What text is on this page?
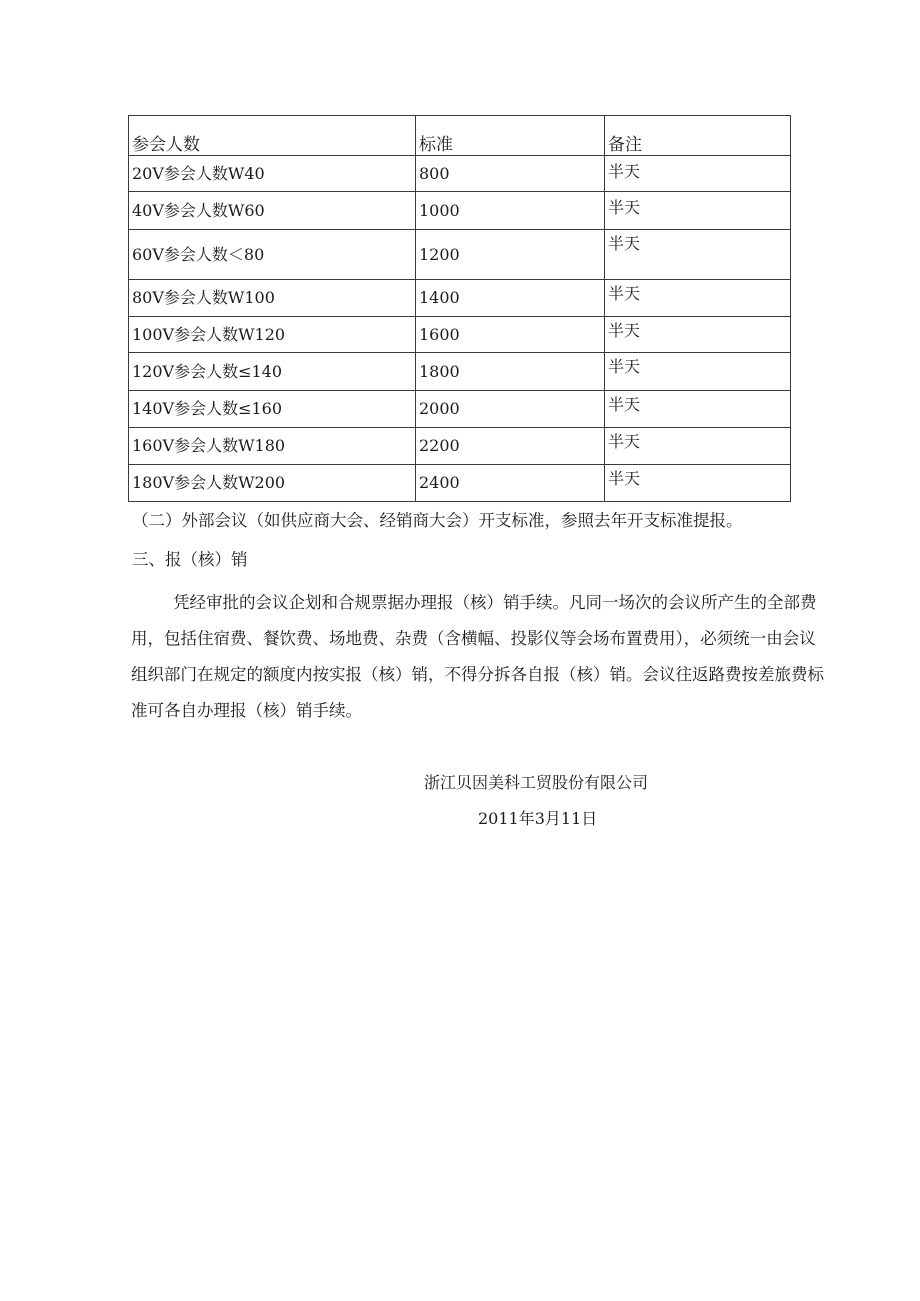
参会人数	标准	备注
20V参会人数W40	800	半天
40V参会人数W60	1000	半天
60V参会人数＜80	1200	半天
80V参会人数W100	1400	半天
100V参会人数W120	1600	半天
120V参会人数≤140	1800	半天
140V参会人数≤160	2000	半天
160V参会人数W180	2200	半天
180V参会人数W200	2400	半天
（二）外部会议（如供应商大会、经销商大会）开支标准，参照去年开支标准提报。
三、报（核）销
凭经审批的会议企划和合规票据办理报（核）销手续。凡同一场次的会议所产生的全部费
用，包括住宿费、餐饮费、场地费、杂费（含横幅、投影仪等会场布置费用），必须统一由会议
组织部门在规定的额度内按实报（核）销，不得分拆各自报（核）销。会议往返路费按差旅费标
准可各自办理报（核）销手续。
浙江贝因美科工贸股份有限公司
2011年3月11日
